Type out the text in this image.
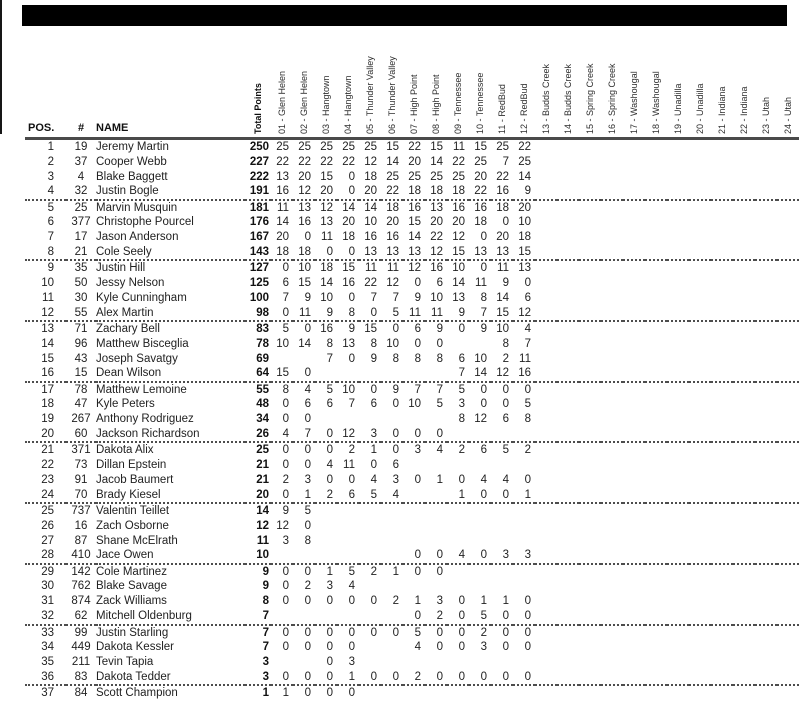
2014 RIDER POINT STANDINGS  - POINTS EARNED

POS.	#	NAME	Total Points	01 - Glen Helen	02 - Glen Helen	03 - Hangtown	04 - Hangtown	05 - Thunder Valley	06 - Thunder Valley	07 - High Point	08 - High Point	09 - Tennessee	10 - Tennessee	11 - RedBud	12 - RedBud	13 - Budds Creek	14 - Budds Creek	15 - Spring Creek	16 - Spring Creek	17 - Washougal	18 - Washougal	19 - Unadilla	20 - Unadilla	21 - Indiana	22 - Indiana	23 - Utah	24 - Utah

1	19	Jeremy Martin	250	25	25	25	25	25	15	22	15	11	15	25	22												
2	37	Cooper Webb	227	22	22	22	22	12	14	20	14	22	25	7	25												
3	4	Blake Baggett	222	13	20	15	0	18	25	25	25	25	20	22	14												
4	32	Justin Bogle	191	16	12	20	0	20	22	18	18	18	22	16	9												
5	25	Marvin Musquin	181	11	13	12	14	14	18	16	13	16	16	18	20												
6	377	Christophe Pourcel	176	14	16	13	20	10	20	15	20	20	18	0	10												
7	17	Jason Anderson	167	20	0	11	18	16	16	14	22	12	0	20	18												
8	21	Cole Seely	143	18	18	0	0	13	13	13	12	15	13	13	15												
9	35	Justin Hill	127	0	10	18	15	11	11	12	16	10	0	11	13												
10	50	Jessy Nelson	125	6	15	14	16	22	12	0	6	14	11	9	0												
11	30	Kyle Cunningham	100	7	9	10	0	7	7	9	10	13	8	14	6												
12	55	Alex Martin	98	0	11	9	8	0	5	11	11	9	7	15	12												
13	71	Zachary Bell	83	5	0	16	9	15	0	6	9	0	9	10	4												
14	96	Matthew Bisceglia	78	10	14	8	13	8	10	0	0			8	7												
15	43	Joseph Savatgy	69			7	0	9	8	8	8	6	10	2	11												
16	15	Dean Wilson	64	15	0							7	14	12	16												
17	78	Matthew Lemoine	55	8	4	5	10	0	9	7	7	5	0	0	0												
18	47	Kyle Peters	48	0	6	6	7	6	0	10	5	3	0	0	5												
19	267	Anthony Rodriguez	34	0	0							8	12	6	8												
20	60	Jackson Richardson	26	4	7	0	12	3	0	0	0																
21	371	Dakota Alix	25	0	0	0	2	1	0	3	4	2	6	5	2												
22	73	Dillan Epstein	21	0	0	4	11	0	6																		
23	91	Jacob Baumert	21	2	3	0	0	4	3	0	1	0	4	4	0												
24	70	Brady Kiesel	20	0	1	2	6	5	4			1	0	0	1												
25	737	Valentin Teillet	14	9	5																						
26	16	Zach Osborne	12	12	0																						
27	87	Shane McElrath	11	3	8																						
28	410	Jace Owen	10							0	0	4	0	3	3												
29	142	Cole Martinez	9	0	0	1	5	2	1	0	0																
30	762	Blake Savage	9	0	2	3	4																				
31	874	Zack Williams	8	0	0	0	0	0	2	1	3	0	1	1	0												
32	62	Mitchell Oldenburg	7							0	2	0	5	0	0												
33	99	Justin Starling	7	0	0	0	0	0	0	5	0	0	2	0	0												
34	449	Dakota Kessler	7	0	0	0	0			4	0	0	3	0	0												
35	211	Tevin Tapia	3			0	3																				
36	83	Dakota Tedder	3	0	0	0	1	0	0	2	0	0	0	0	0												
37	84	Scott Champion	1	1	0	0	0																				
